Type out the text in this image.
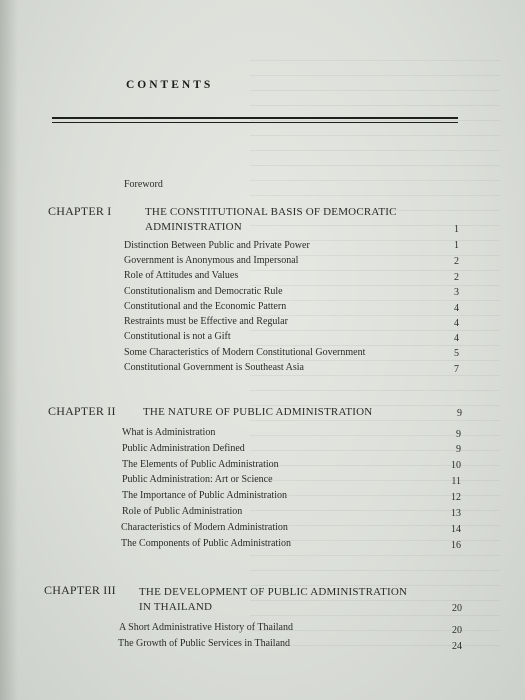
CONTENTS
Foreword
CHAPTER I	THE CONSTITUTIONAL BASIS OF DEMOCRATIC
ADMINISTRATION	1
Distinction Between Public and Private Power	1
Government is Anonymous and Impersonal	2
Role of Attitudes and Values	2
Constitutionalism and Democratic Rule	3
Constitutional and the Economic Pattern	4
Restraints must be Effective and Regular	4
Constitutional is not a Gift	4
Some Characteristics of Modern Constitutional Government	5
Constitutional Government is Southeast Asia	7
CHAPTER II THE NATURE OF PUBLIC ADMINISTRATION	9
What is Administration	9
Public Administration Defined	9
The Elements of Public Administration	10
Public Administration: Art or Science	11
The Importance of Public Administration	12
Role of Public Administration	13
Characteristics of Modern Administration	14
The Components of Public Administration	16
CHAPTER III THE DEVELOPMENT OF PUBLIC ADMINISTRATION
IN THAILAND	20
A Short Administrative History of Thailand	20
The Growth of Public Services in Thailand	24
